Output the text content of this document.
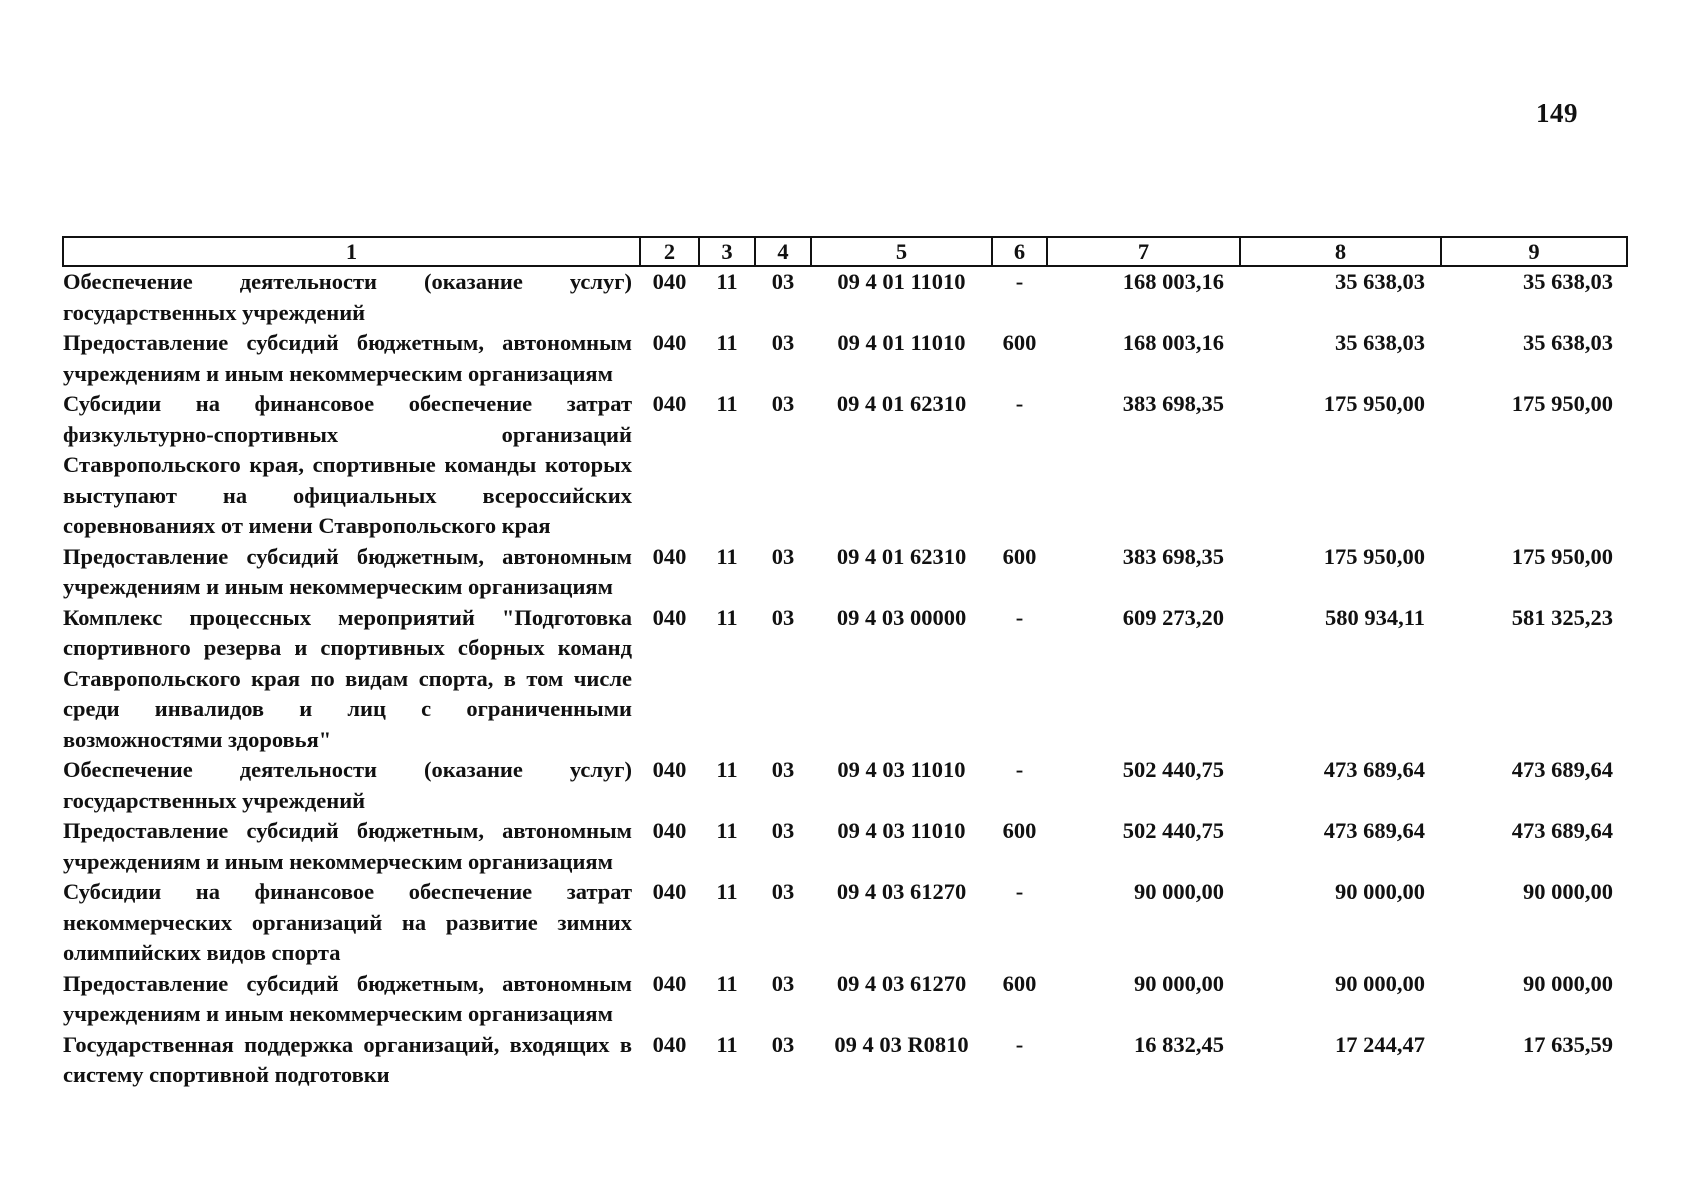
149
1	2	3	4	5	6	7	8	9
Обеспечение деятельности (оказание услуг) государственных учреждений	040	11	03	09 4 01 11010	-	168 003,16	35 638,03	35 638,03
Предоставление субсидий бюджетным, автономным учреждениям и иным некоммерческим организациям	040	11	03	09 4 01 11010	600	168 003,16	35 638,03	35 638,03
Субсидии на финансовое обеспечение затрат физкультурно-спортивных организаций Ставропольского края, спортивные команды которых выступают на официальных всероссийских соревнованиях от имени Ставропольского края	040	11	03	09 4 01 62310	-	383 698,35	175 950,00	175 950,00
Предоставление субсидий бюджетным, автономным учреждениям и иным некоммерческим организациям	040	11	03	09 4 01 62310	600	383 698,35	175 950,00	175 950,00
Комплекс процессных мероприятий "Подготовка спортивного резерва и спортивных сборных команд Ставропольского края по видам спорта, в том числе среди инвалидов и лиц с ограниченными возможностями здоровья"	040	11	03	09 4 03 00000	-	609 273,20	580 934,11	581 325,23
Обеспечение деятельности (оказание услуг) государственных учреждений	040	11	03	09 4 03 11010	-	502 440,75	473 689,64	473 689,64
Предоставление субсидий бюджетным, автономным учреждениям и иным некоммерческим организациям	040	11	03	09 4 03 11010	600	502 440,75	473 689,64	473 689,64
Субсидии на финансовое обеспечение затрат некоммерческих организаций на развитие зимних олимпийских видов спорта	040	11	03	09 4 03 61270	-	90 000,00	90 000,00	90 000,00
Предоставление субсидий бюджетным, автономным учреждениям и иным некоммерческим организациям	040	11	03	09 4 03 61270	600	90 000,00	90 000,00	90 000,00
Государственная поддержка организаций, входящих в систему спортивной подготовки	040	11	03	09 4 03 R0810	-	16 832,45	17 244,47	17 635,59
